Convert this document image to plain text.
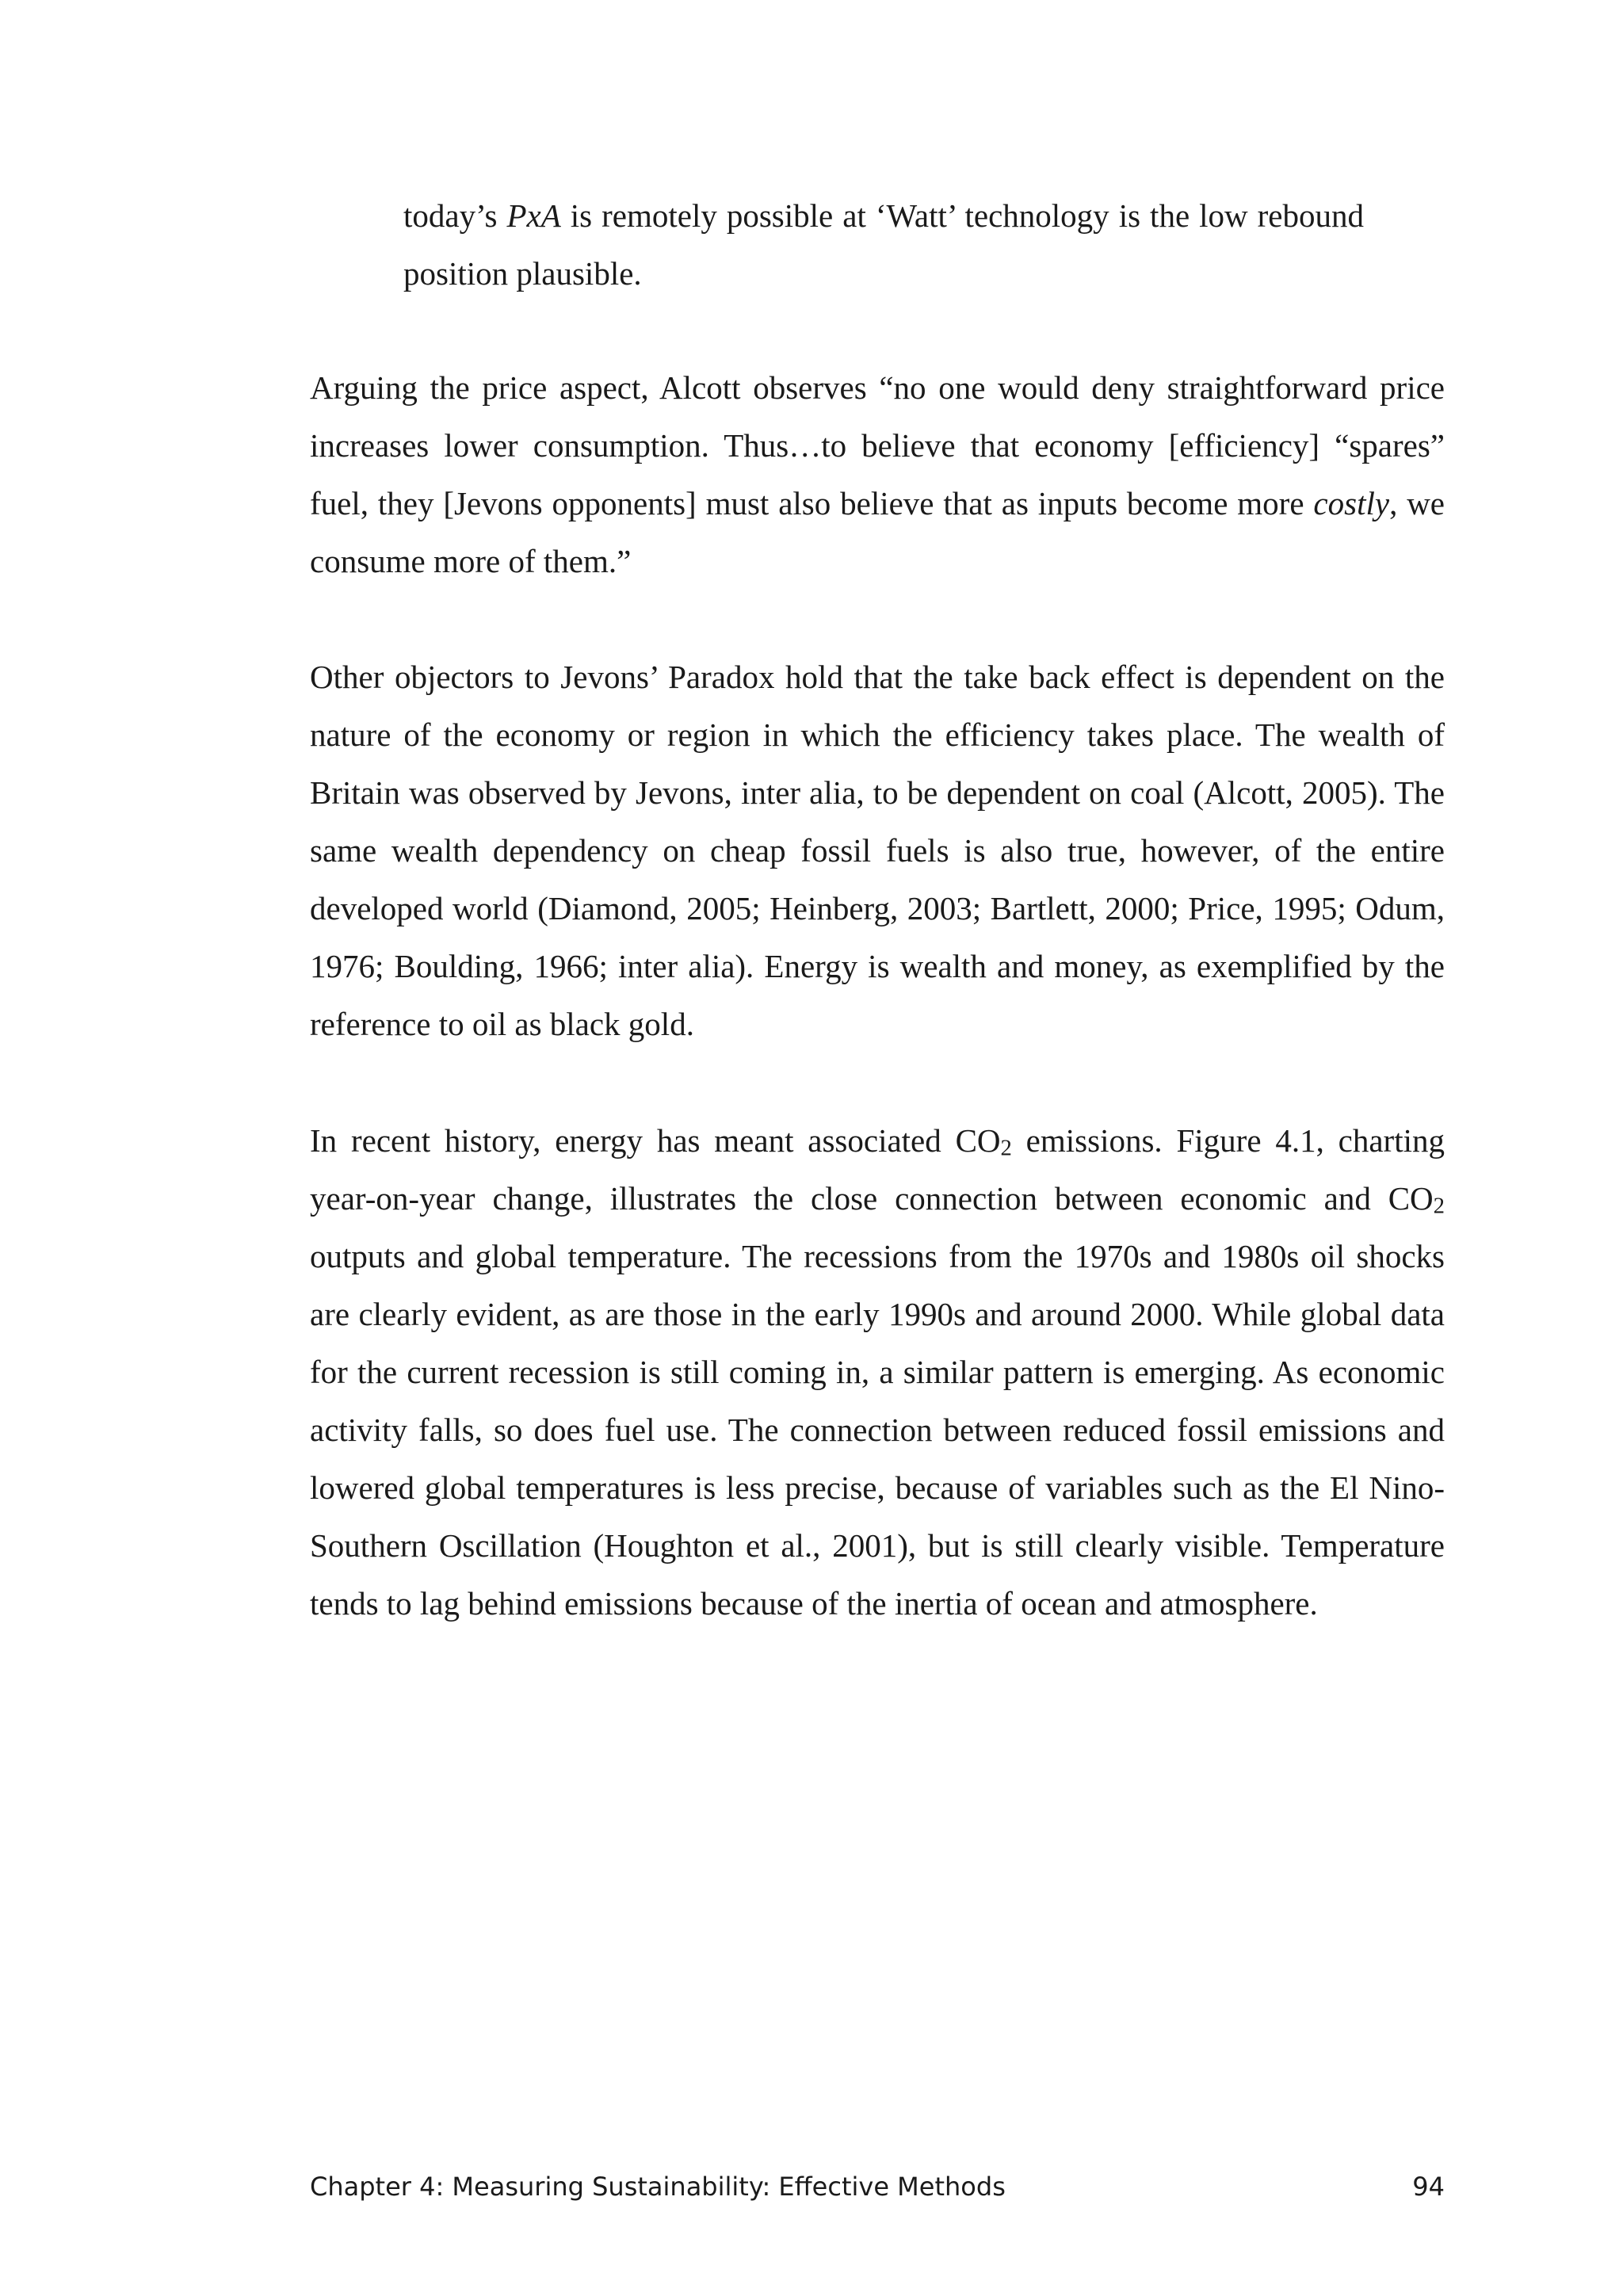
today’s PxA is remotely possible at ‘Watt’ technology is the low rebound position plausible.

Arguing the price aspect, Alcott observes “no one would deny straightforward price increases lower consumption. Thus…to believe that economy [efficiency] “spares” fuel, they [Jevons opponents] must also believe that as inputs become more costly, we consume more of them.”

Other objectors to Jevons’ Paradox hold that the take back effect is dependent on the nature of the economy or region in which the efficiency takes place. The wealth of Britain was observed by Jevons, inter alia, to be dependent on coal (Alcott, 2005). The same wealth dependency on cheap fossil fuels is also true, however, of the entire developed world (Diamond, 2005; Heinberg, 2003; Bartlett, 2000; Price, 1995; Odum, 1976; Boulding, 1966; inter alia). Energy is wealth and money, as exemplified by the reference to oil as black gold.

In recent history, energy has meant associated $CO_2$ emissions. Figure 4.1, charting year-on-year change, illustrates the close connection between economic and $CO_2$ outputs and global temperature. The recessions from the 1970s and 1980s oil shocks are clearly evident, as are those in the early 1990s and around 2000. While global data for the current recession is still coming in, a similar pattern is emerging. As economic activity falls, so does fuel use. The connection between reduced fossil emissions and lowered global temperatures is less precise, because of variables such as the El Nino-Southern Oscillation (Houghton et al., 2001), but is still clearly visible. Temperature tends to lag behind emissions because of the inertia of ocean and atmosphere.

Chapter 4: Measuring Sustainability: Effective Methods	94
